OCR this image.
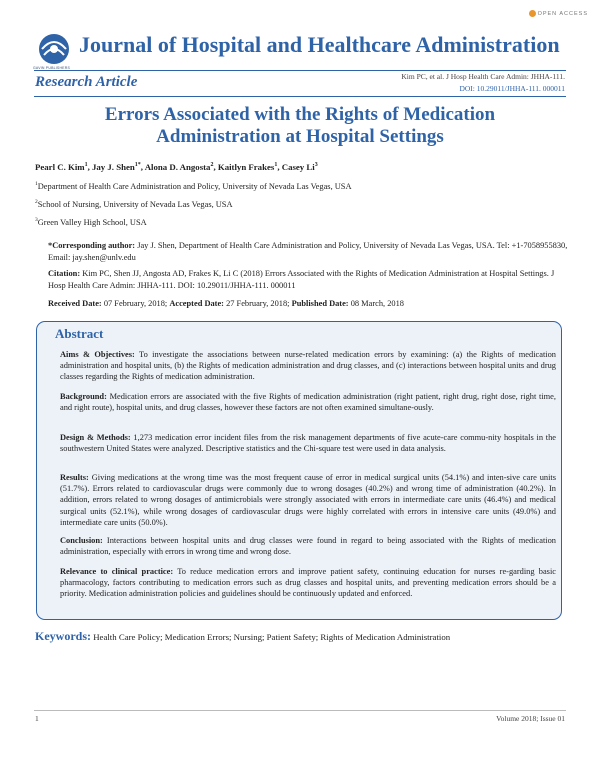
OPEN ACCESS
GAVIN PUBLISHERS
Journal of Hospital and Healthcare Administration
Research Article	Kim PC, et al. J Hosp Health Care Admin: JHHA-111.
DOI: 10.29011/JHHA-111. 000011
Errors Associated with the Rights of Medication
Administration at Hospital Settings
Pearl C. Kim$^1$, Jay J. Shen$^{1*}$, Alona D. Angosta$^2$, Kaitlyn Frakes$^1$, Casey Li$^3$
$^1$Department of Health Care Administration and Policy, University of Nevada Las Vegas, USA
$^2$School of Nursing, University of Nevada Las Vegas, USA
$^3$Green Valley High School, USA
*Corresponding author: Jay J. Shen, Department of Health Care Administration and Policy, University of Nevada Las Vegas, USA. Tel: +1-7058955830, Email: jay.shen@unlv.edu
Citation: Kim PC, Shen JJ, Angosta AD, Frakes K, Li C (2018) Errors Associated with the Rights of Medication Administration at Hospital Settings. J Hosp Health Care Admin: JHHA-111. DOI: 10.29011/JHHA-111. 000011
Received Date: 07 February, 2018; Accepted Date: 27 February, 2018; Published Date: 08 March, 2018
Abstract
Aims & Objectives: To investigate the associations between nurse-related medication errors by examining: (a) the Rights of medication administration and hospital units, (b) the Rights of medication administration and drug classes, and (c) interactions between hospital units and drug classes regarding the Rights of medication administration.
Background: Medication errors are associated with the five Rights of medication administration (right patient, right drug, right dose, right time, and right route), hospital units, and drug classes, however these factors are not often examined simultane-ously.
Design & Methods: 1,273 medication error incident files from the risk management departments of five acute-care commu-nity hospitals in the southwestern United States were analyzed. Descriptive statistics and the Chi-square test were used in data analysis.
Results: Giving medications at the wrong time was the most frequent cause of error in medical surgical units (54.1%) and inten-sive care units (51.7%). Errors related to cardiovascular drugs were commonly due to wrong dosages (40.2%) and wrong time of administration (40.2%). In addition, errors related to wrong dosages of antimicrobials were strongly associated with errors in intermediate care units (46.4%) and medical surgical units (52.1%), while wrong dosages of cardiovascular drugs were highly correlated with errors in intensive care units (49.0%) and intermediate care units (50.0%).
Conclusion: Interactions between hospital units and drug classes were found in regard to being associated with the Rights of medication administration, especially with errors in wrong time and wrong dose.
Relevance to clinical practice: To reduce medication errors and improve patient safety, continuing education for nurses re-garding basic pharmacology, factors contributing to medication errors such as drug classes and hospital units, and preventing medication errors should be a priority. Medication administration policies and guidelines should be continuously updated and enforced.
Keywords: Health Care Policy; Medication Errors; Nursing; Patient Safety; Rights of Medication Administration
1	Volume 2018; Issue 01
